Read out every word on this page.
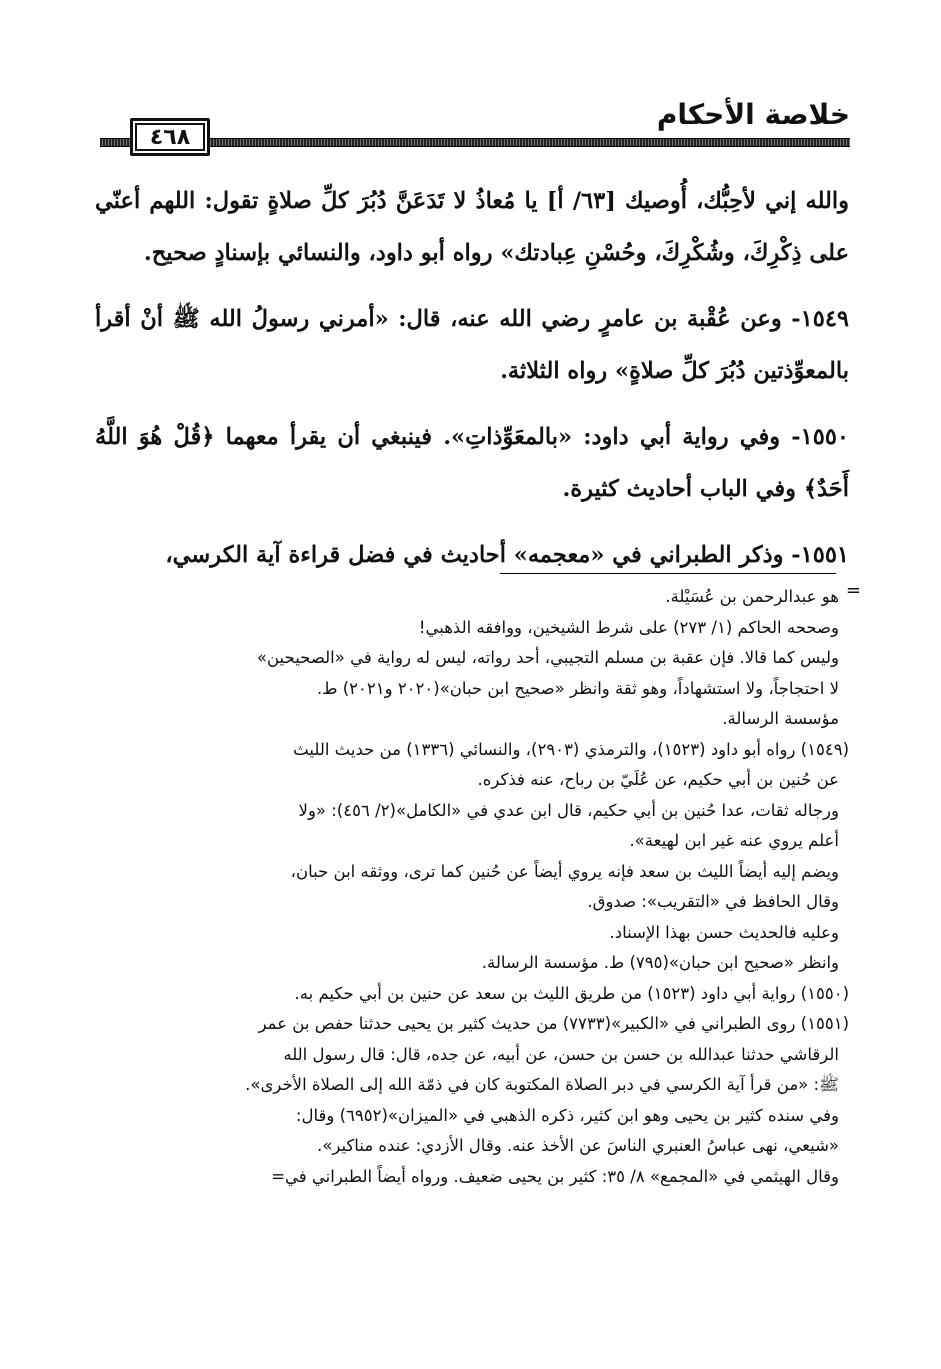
خلاصة الأحكام
٤٦٨

والله إني لأحِبُّك، أُوصيك [٦٣/ أ] يا مُعاذُ لا تَدَعَنَّ دُبُرَ كلِّ صلاةٍ تقول: اللهم أعنّي على ذِكْرِكَ، وشُكْرِكَ، وحُسْنِ عِبادتك» رواه أبو داود، والنسائي بإسنادٍ صحيح.

١٥٤٩- وعن عُقْبة بن عامرٍ رضي الله عنه، قال: «أمرني رسولُ الله ﷺ أنْ أقرأ بالمعوِّذتين دُبُرَ كلِّ صلاةٍ» رواه الثلاثة.

١٥٥٠- وفي رواية أبي داود: «بالمعَوِّذاتِ». فينبغي أن يقرأ معهما ﴿قُلْ هُوَ اللَّهُ أَحَدٌ﴾ وفي الباب أحاديث كثيرة.

١٥٥١- وذكر الطبراني في «معجمه» أحاديث في فضل قراءة آية الكرسي،

=
هو عبدالرحمن بن عُسَيْلة.
وصححه الحاكم (١/ ٢٧٣) على شرط الشيخين، ووافقه الذهبي!
وليس كما قالا. فإن عقبة بن مسلم التجيبي، أحد رواته، ليس له رواية في «الصحيحين»
لا احتجاجاً، ولا استشهاداً، وهو ثقة وانظر «صحيح ابن حبان»(٢٠٢٠ و٢٠٢١) ط.
مؤسسة الرسالة.
(١٥٤٩) رواه أبو داود (١٥٢٣)، والترمذي (٢٩٠٣)، والنسائي (١٣٣٦) من حديث الليث
عن حُنين بن أبي حكيم، عن عُلَيّ بن رباح، عنه فذكره.
ورجاله ثقات، عدا حُنين بن أبي حكيم، قال ابن عدي في «الكامل»(٢/ ٤٥٦): «ولا
أعلم يروي عنه غير ابن لهيعة».
ويضم إليه أيضاً الليث بن سعد فإنه يروي أيضاً عن حُنين كما ترى، ووثقه ابن حبان،
وقال الحافظ في «التقريب»: صدوق.
وعليه فالحديث حسن بهذا الإسناد.
وانظر «صحيح ابن حبان»(٧٩٥) ط. مؤسسة الرسالة.
(١٥٥٠) رواية أبي داود (١٥٢٣) من طريق الليث بن سعد عن حنين بن أبي حكيم به.
(١٥٥١) روى الطبراني في «الكبير»(٧٧٣٣) من حديث كثير بن يحيى حدثنا حفص بن عمر
الرقاشي حدثنا عبدالله بن حسن بن حسن، عن أبيه، عن جده، قال: قال رسول الله
ﷺ: «من قرأ آية الكرسي في دبر الصلاة المكتوبة كان في ذمّة الله إلى الصلاة الأخرى».
وفي سنده كثير بن يحيى وهو ابن كثير، ذكره الذهبي في «الميزان»(٦٩٥٢) وقال:
«شيعي، نهى عباسُ العنبري الناسَ عن الأخذ عنه. وقال الأزدي: عنده مناكير».
وقال الهيثمي في «المجمع» ٨/ ٣٥: كثير بن يحيى ضعيف. ورواه أيضاً الطبراني في=
